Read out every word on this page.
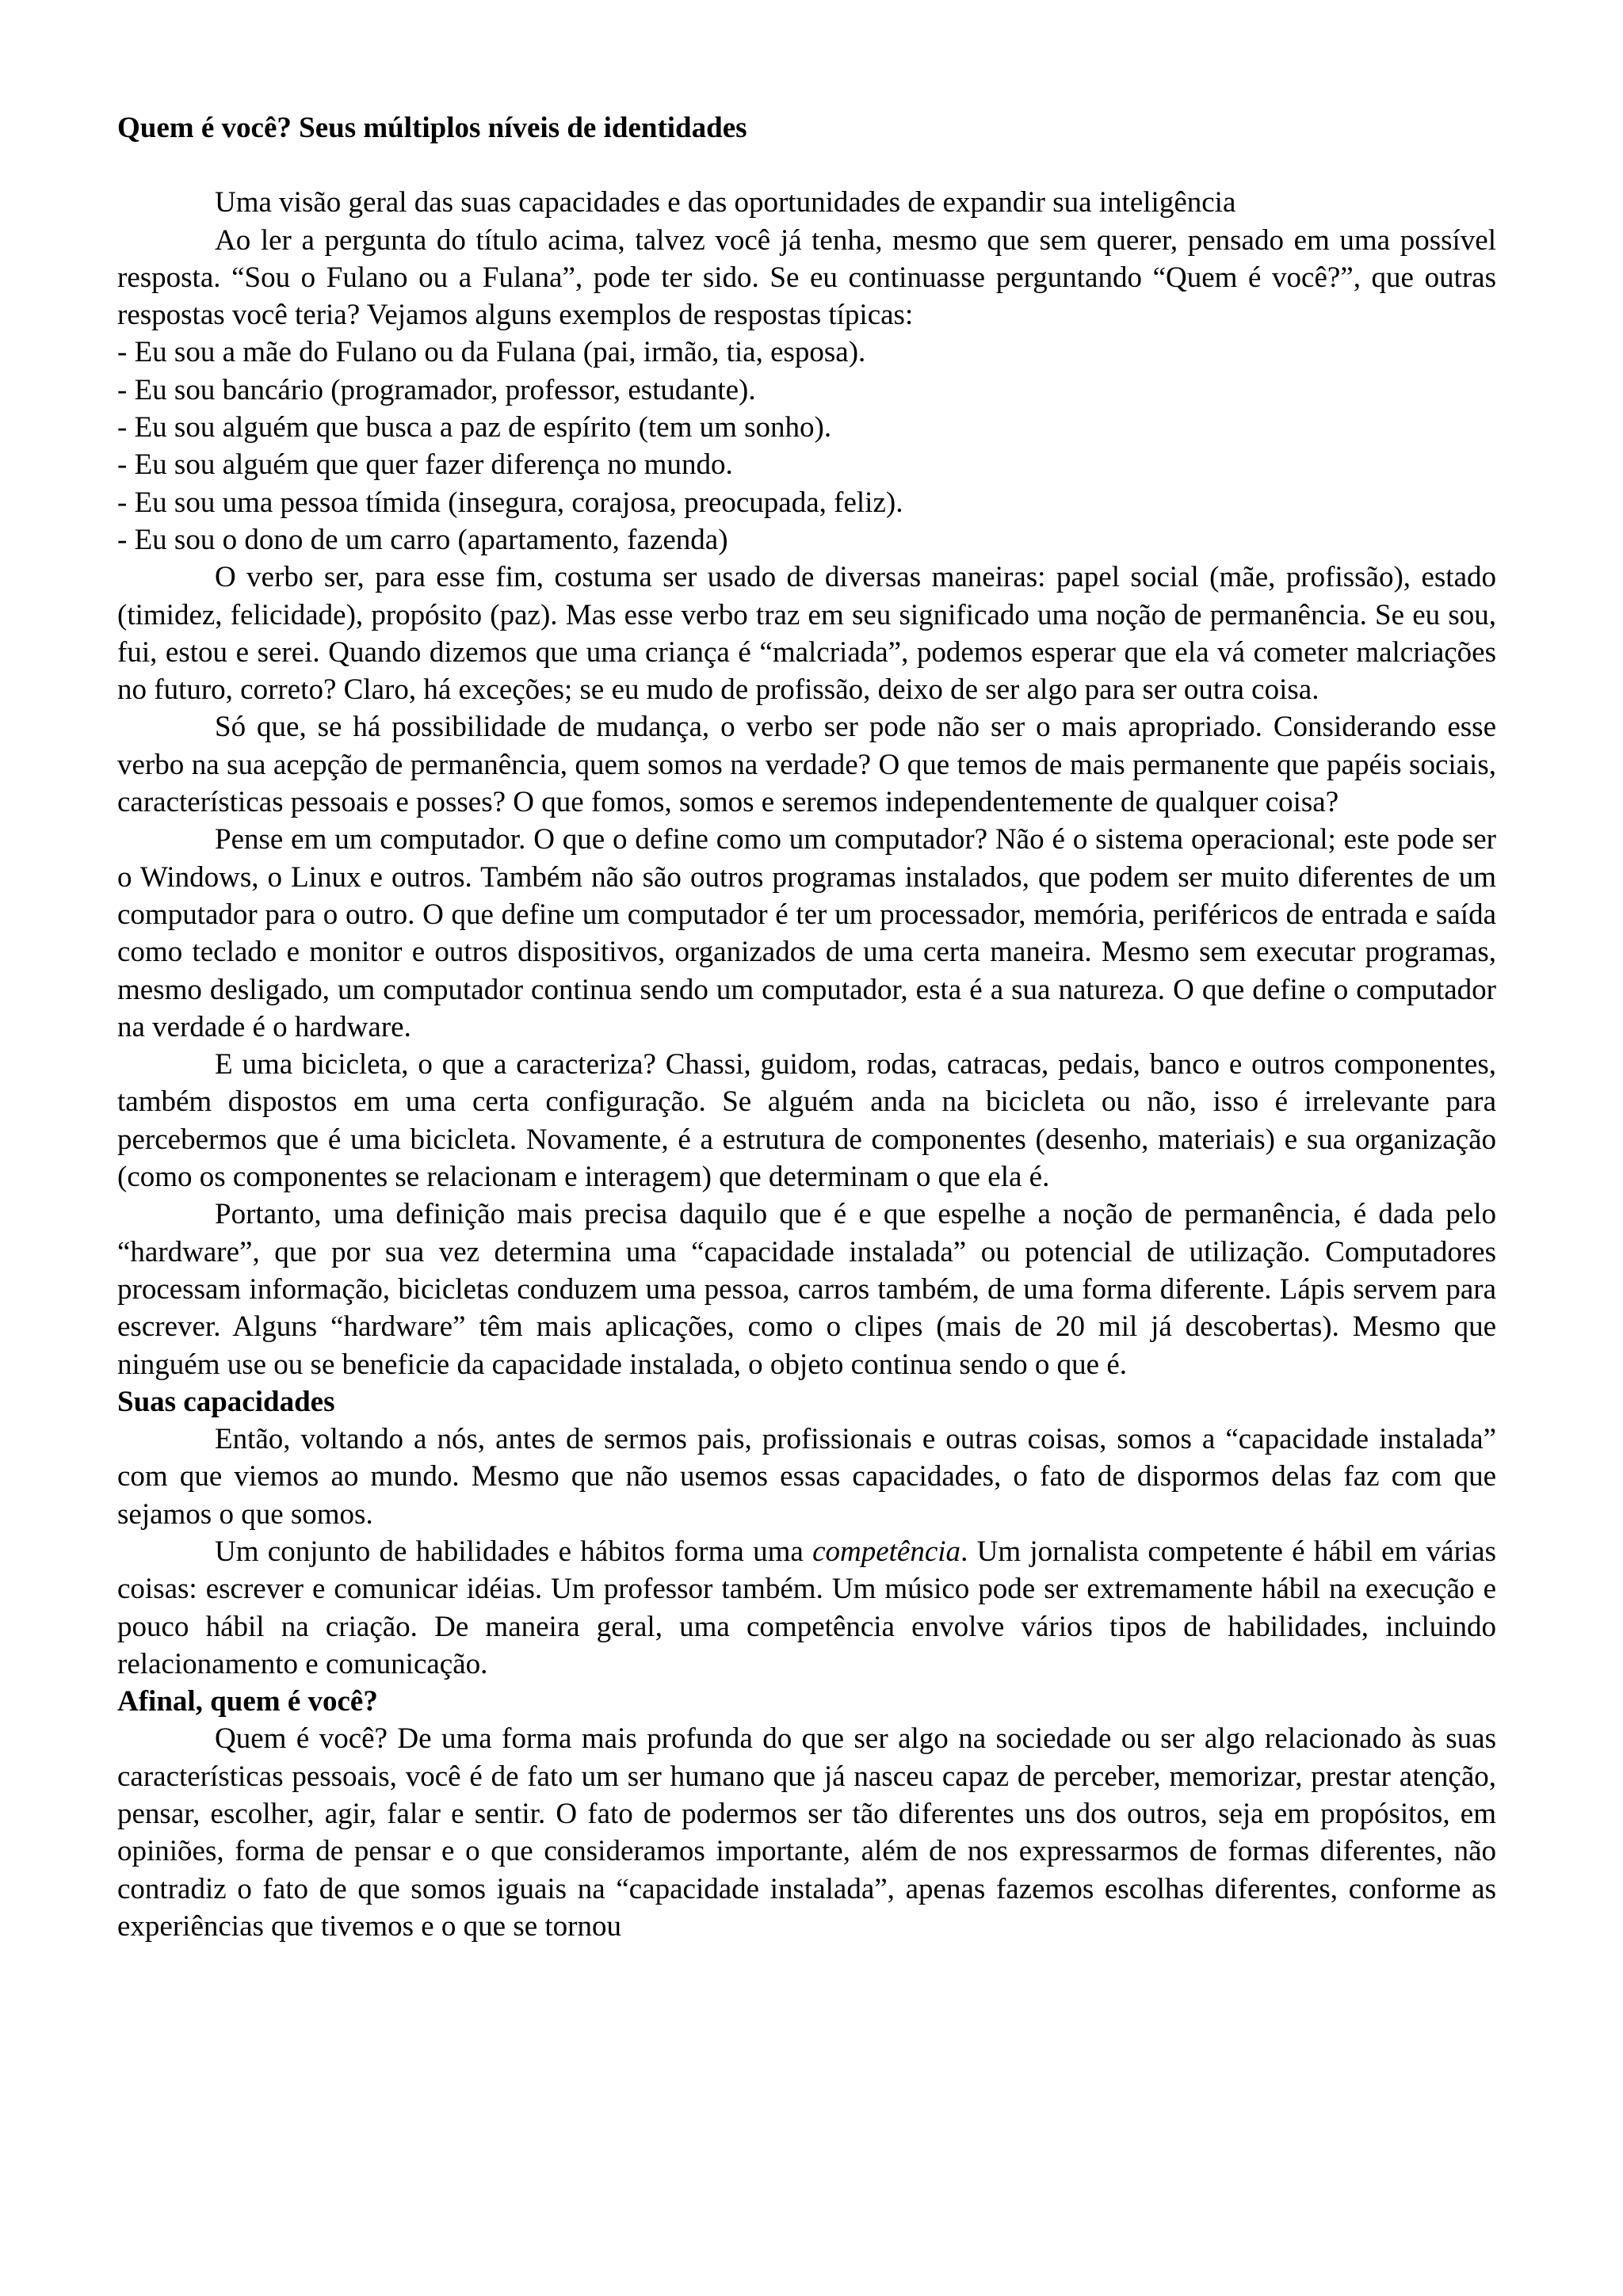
Quem é você? Seus múltiplos níveis de identidades

Uma visão geral das suas capacidades e das oportunidades de expandir sua inteligência

Ao ler a pergunta do título acima, talvez você já tenha, mesmo que sem querer, pensado em uma possível resposta. “Sou o Fulano ou a Fulana”, pode ter sido. Se eu continuasse perguntando “Quem é você?”, que outras respostas você teria? Vejamos alguns exemplos de respostas típicas:

- Eu sou a mãe do Fulano ou da Fulana (pai, irmão, tia, esposa).

- Eu sou bancário (programador, professor, estudante).

- Eu sou alguém que busca a paz de espírito (tem um sonho).

- Eu sou alguém que quer fazer diferença no mundo.

- Eu sou uma pessoa tímida (insegura, corajosa, preocupada, feliz).

- Eu sou o dono de um carro (apartamento, fazenda)

O verbo ser, para esse fim, costuma ser usado de diversas maneiras: papel social (mãe, profissão), estado (timidez, felicidade), propósito (paz). Mas esse verbo traz em seu significado uma noção de permanência. Se eu sou, fui, estou e serei. Quando dizemos que uma criança é “malcriada”, podemos esperar que ela vá cometer malcriações no futuro, correto? Claro, há exceções; se eu mudo de profissão, deixo de ser algo para ser outra coisa.

Só que, se há possibilidade de mudança, o verbo ser pode não ser o mais apropriado. Considerando esse verbo na sua acepção de permanência, quem somos na verdade? O que temos de mais permanente que papéis sociais, características pessoais e posses? O que fomos, somos e seremos independentemente de qualquer coisa?

Pense em um computador. O que o define como um computador? Não é o sistema operacional; este pode ser o Windows, o Linux e outros. Também não são outros programas instalados, que podem ser muito diferentes de um computador para o outro. O que define um computador é ter um processador, memória, periféricos de entrada e saída como teclado e monitor e outros dispositivos, organizados de uma certa maneira. Mesmo sem executar programas, mesmo desligado, um computador continua sendo um computador, esta é a sua natureza. O que define o computador na verdade é o hardware.

E uma bicicleta, o que a caracteriza? Chassi, guidom, rodas, catracas, pedais, banco e outros componentes, também dispostos em uma certa configuração. Se alguém anda na bicicleta ou não, isso é irrelevante para percebermos que é uma bicicleta. Novamente, é a estrutura de componentes (desenho, materiais) e sua organização (como os componentes se relacionam e interagem) que determinam o que ela é.

Portanto, uma definição mais precisa daquilo que é e que espelhe a noção de permanência, é dada pelo “hardware”, que por sua vez determina uma “capacidade instalada” ou potencial de utilização. Computadores processam informação, bicicletas conduzem uma pessoa, carros também, de uma forma diferente. Lápis servem para escrever. Alguns “hardware” têm mais aplicações, como o clipes (mais de 20 mil já descobertas). Mesmo que ninguém use ou se beneficie da capacidade instalada, o objeto continua sendo o que é.

Suas capacidades

Então, voltando a nós, antes de sermos pais, profissionais e outras coisas, somos a “capacidade instalada” com que viemos ao mundo. Mesmo que não usemos essas capacidades, o fato de dispormos delas faz com que sejamos o que somos.

Um conjunto de habilidades e hábitos forma uma competência. Um jornalista competente é hábil em várias coisas: escrever e comunicar idéias. Um professor também. Um músico pode ser extremamente hábil na execução e pouco hábil na criação. De maneira geral, uma competência envolve vários tipos de habilidades, incluindo relacionamento e comunicação.

Afinal, quem é você?

Quem é você? De uma forma mais profunda do que ser algo na sociedade ou ser algo relacionado às suas características pessoais, você é de fato um ser humano que já nasceu capaz de perceber, memorizar, prestar atenção, pensar, escolher, agir, falar e sentir. O fato de podermos ser tão diferentes uns dos outros, seja em propósitos, em opiniões, forma de pensar e o que consideramos importante, além de nos expressarmos de formas diferentes, não contradiz o fato de que somos iguais na “capacidade instalada”, apenas fazemos escolhas diferentes, conforme as experiências que tivemos e o que se tornou
